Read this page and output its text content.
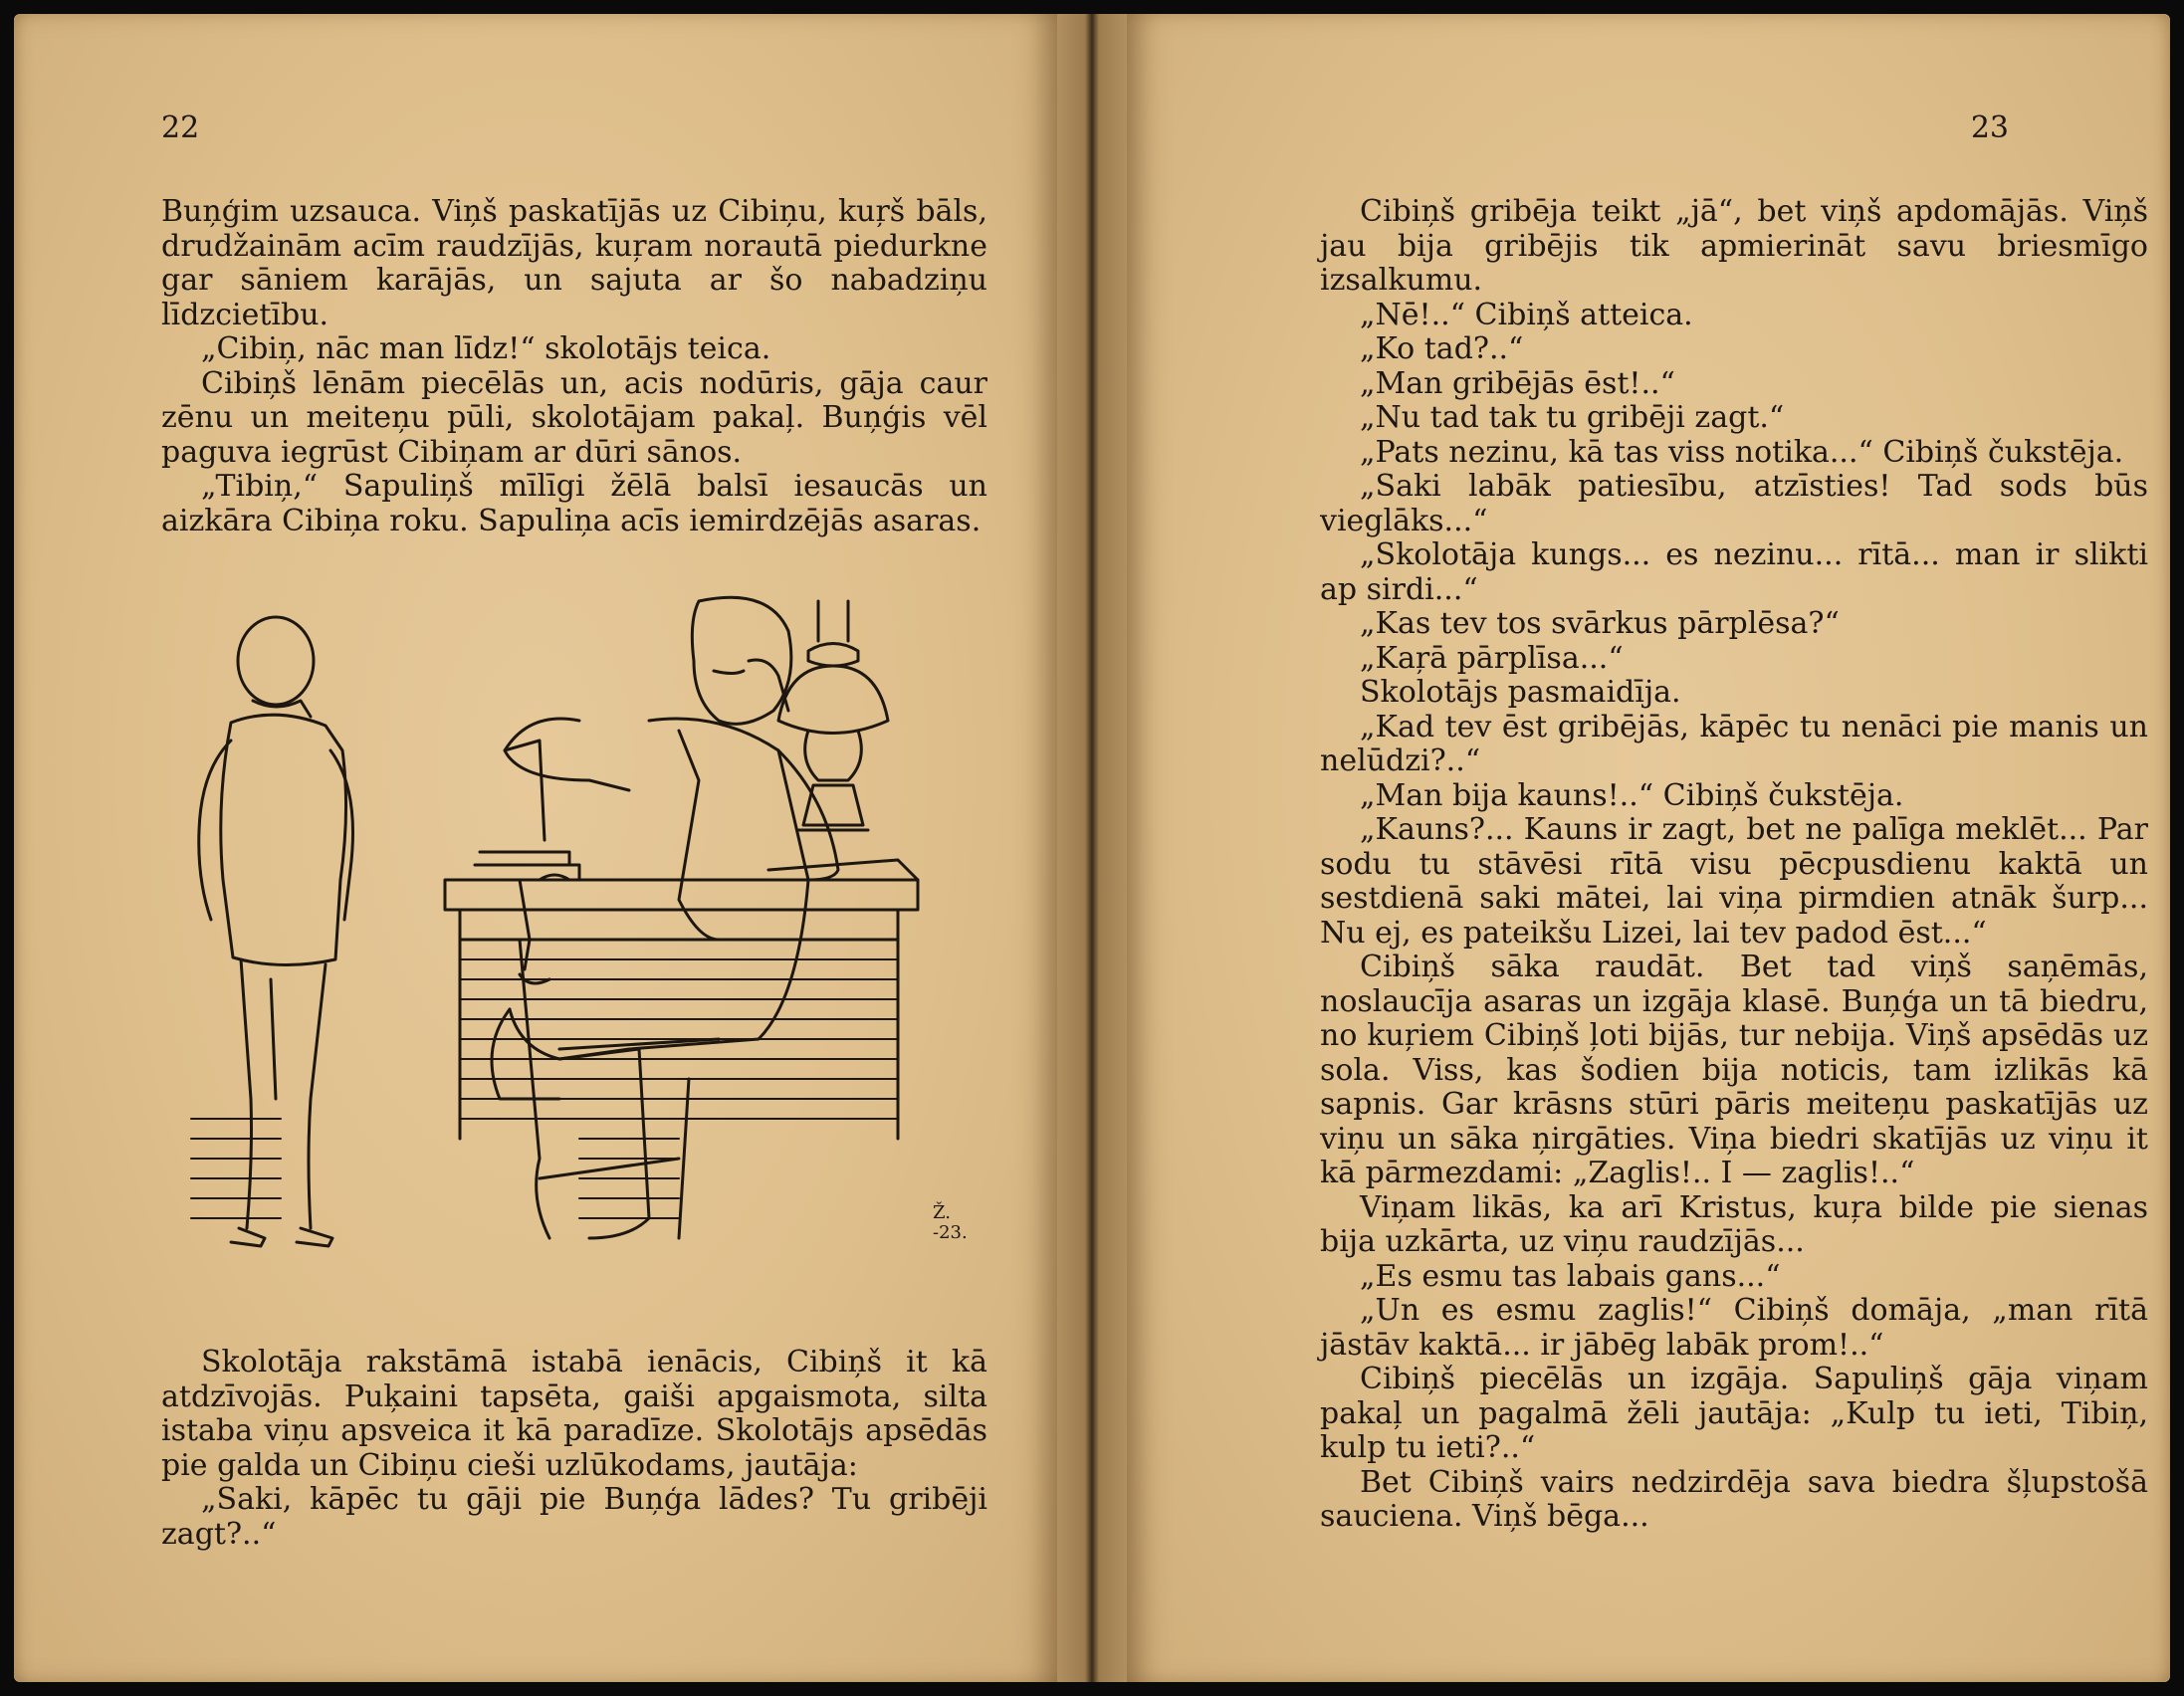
22

Buņģim uzsauca. Viņš paskatījās uz Cibiņu, kuŗš bāls, drudžainām acīm raudzījās, kuŗam norautā piedurkne gar sāniem karājās, un sajuta ar šo nabadziņu līdzcietību.

„Cibiņ, nāc man līdz!“ skolotājs teica.

Cibiņš lēnām piecēlās un, acis nodūris, gāja caur zēnu un meiteņu pūli, skolotājam pakaļ. Buņģis vēl paguva iegrūst Cibiņam ar dūri sānos.

„Tibiņ,“ Sapuliņš mīlīgi žēlā balsī iesaucās un aizkāra Cibiņa roku. Sapuliņa acīs iemirdzējās asaras.

Ž. -23.

Skolotāja rakstāmā istabā ienācis, Cibiņš it kā atdzīvojās. Puķaini tapsēta, gaiši apgaismota, silta istaba viņu apsveica it kā paradīze. Skolotājs apsēdās pie galda un Cibiņu cieši uzlūkodams, jautāja:

„Saki, kāpēc tu gāji pie Buņģa lādes? Tu gribēji zagt?..“

23

Cibiņš gribēja teikt „jā“, bet viņš apdomājās. Viņš jau bija gribējis tik apmierināt savu briesmīgo izsalkumu.

„Nē!..“ Cibiņš atteica.

„Ko tad?..“

„Man gribējās ēst!..“

„Nu tad tak tu gribēji zagt.“

„Pats nezinu, kā tas viss notika...“ Cibiņš čukstēja.

„Saki labāk patiesību, atzīsties! Tad sods būs vieglāks...“

„Skolotāja kungs... es nezinu... rītā... man ir slikti ap sirdi...“

„Kas tev tos svārkus pārplēsa?“

„Kaŗā pārplīsa...“

Skolotājs pasmaidīja.

„Kad tev ēst gribējās, kāpēc tu nenāci pie manis un nelūdzi?..“

„Man bija kauns!..“ Cibiņš čukstēja.

„Kauns?... Kauns ir zagt, bet ne palīga meklēt... Par sodu tu stāvēsi rītā visu pēcpusdienu kaktā un sestdienā saki mātei, lai viņa pirmdien atnāk šurp... Nu ej, es pateikšu Lizei, lai tev padod ēst...“

Cibiņš sāka raudāt. Bet tad viņš saņēmās, noslaucīja asaras un izgāja klasē. Buņģa un tā biedru, no kuŗiem Cibiņš ļoti bijās, tur nebija. Viņš apsēdās uz sola. Viss, kas šodien bija noticis, tam izlikās kā sapnis. Gar krāsns stūri pāris meiteņu paskatījās uz viņu un sāka ņirgāties. Viņa biedri skatījās uz viņu it kā pārmezdami: „Zaglis!.. I — zaglis!..“

Viņam likās, ka arī Kristus, kuŗa bilde pie sienas bija uzkārta, uz viņu raudzījās...

„Es esmu tas labais gans...“

„Un es esmu zaglis!“ Cibiņš domāja, „man rītā jāstāv kaktā... ir jābēg labāk prom!..“

Cibiņš piecēlās un izgāja. Sapuliņš gāja viņam pakaļ un pagalmā žēli jautāja: „Kulp tu ieti, Tibiņ, kulp tu ieti?..“

Bet Cibiņš vairs nedzirdēja sava biedra šļupstošā sauciena. Viņš bēga...
